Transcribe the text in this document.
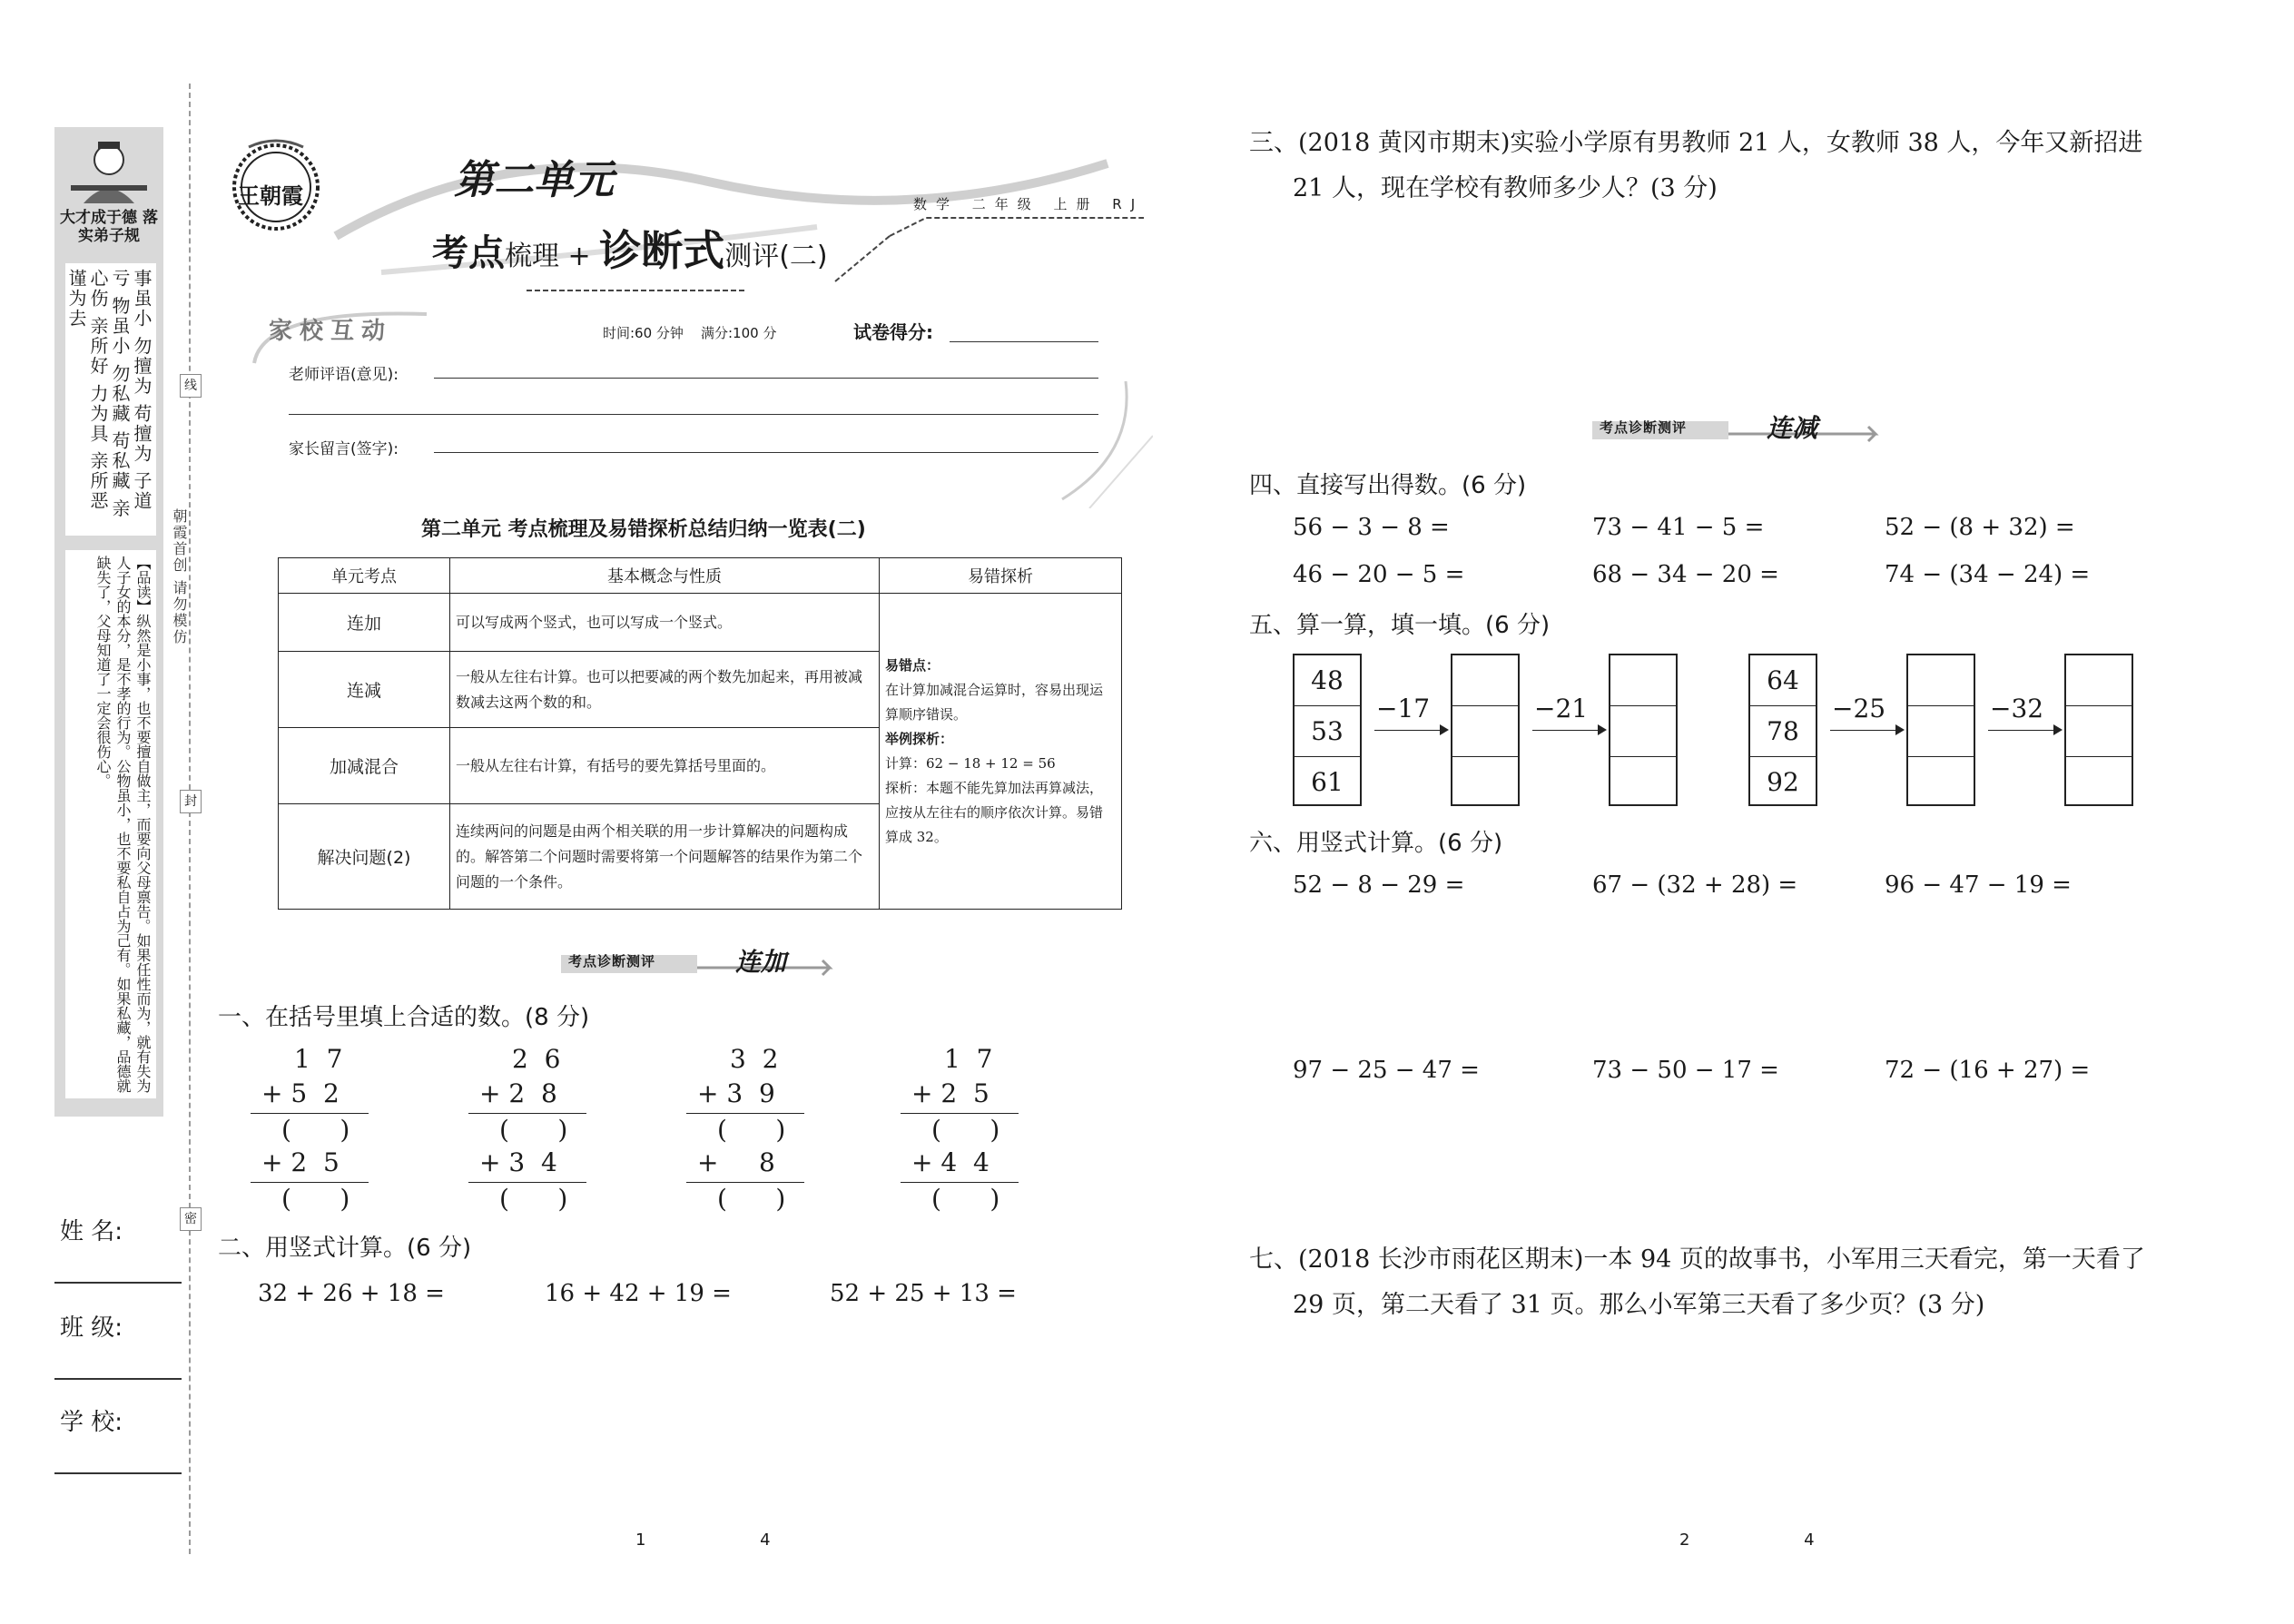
大才成于德 落实弟子规
事虽小 勿擅为 苟擅为 子道亏 物虽小 勿私藏 苟私藏 亲心伤 亲所好 力为具 亲所恶 谨为去
【品读】纵然是小事，也不要擅自做主，而要向父母禀告。如果任性而为，就有失为人子女的本分，是不孝的行为。公物虽小，也不要私自占为己有。如果私藏，品德就缺失了，父母知道了一定会很伤心。
线
封
密
朝霞首创 请勿模仿
姓 名:
班 级:
学 校:
王朝霞	第二单元
考点梳理 + 诊断式测评(二)
数学 二年级 上册 RJ
家校互动	时间:60 分钟 满分:100 分	试卷得分:
老师评语(意见):
家长留言(签字):
第二单元 考点梳理及易错探析总结归纳一览表(二)
单元考点	基本概念与性质	易错探析
连加	可以写成两个竖式，也可以写成一个竖式。	易错点：
在计算加减混合运算时，容易出现运算顺序错误。
举例探析：
计算：62 − 18 + 12 = 56
探析：本题不能先算加法再算减法，应按从左往右的顺序依次计算。易错算成 32。

连减	一般从左往右计算。也可以把要减的两个数先加起来，再用被减数减去这两个数的和。	
加减混合	一般从左往右计算，有括号的要先算括号里面的。	
解决问题(2)	连续两问的问题是由两个相关联的用一步计算解决的问题构成的。解答第二个问题时需要将第一个问题解答的结果作为第二个问题的一个条件。	
考点诊断测评	连加
一、在括号里填上合适的数。(8 分)
1  7
+ 5  2
(      )
+ 2  5
(      )
2  6
+ 2  8
(      )
+ 3  4
(      )
3  2
+ 3  9
(      )
+     8
(      )
1  7
+ 2  5
(      )
+ 4  4
(      )
二、用竖式计算。(6 分)
32 + 26 + 18 =	16 + 42 + 19 =	52 + 25 + 13 =
1 4
三、(2018 黄冈市期末)实验小学原有男教师 21 人，女教师 38 人，今年又新招进
21 人，现在学校有教师多少人？(3 分)
考点诊断测评	连减
四、直接写出得数。(6 分)
56 − 3 − 8 =	73 − 41 − 5 =	52 − (8 + 32) =
46 − 20 − 5 =	68 − 34 − 20 =	74 − (34 − 24) =
五、算一算，填一填。(6 分)
48
53
61
−17	−21
64
78
92
−25	−32
六、用竖式计算。(6 分)
52 − 8 − 29 =	67 − (32 + 28) =	96 − 47 − 19 =
97 − 25 − 47 =	73 − 50 − 17 =	72 − (16 + 27) =
七、(2018 长沙市雨花区期末)一本 94 页的故事书，小军用三天看完，第一天看了
29 页，第二天看了 31 页。那么小军第三天看了多少页？(3 分)
2 4
